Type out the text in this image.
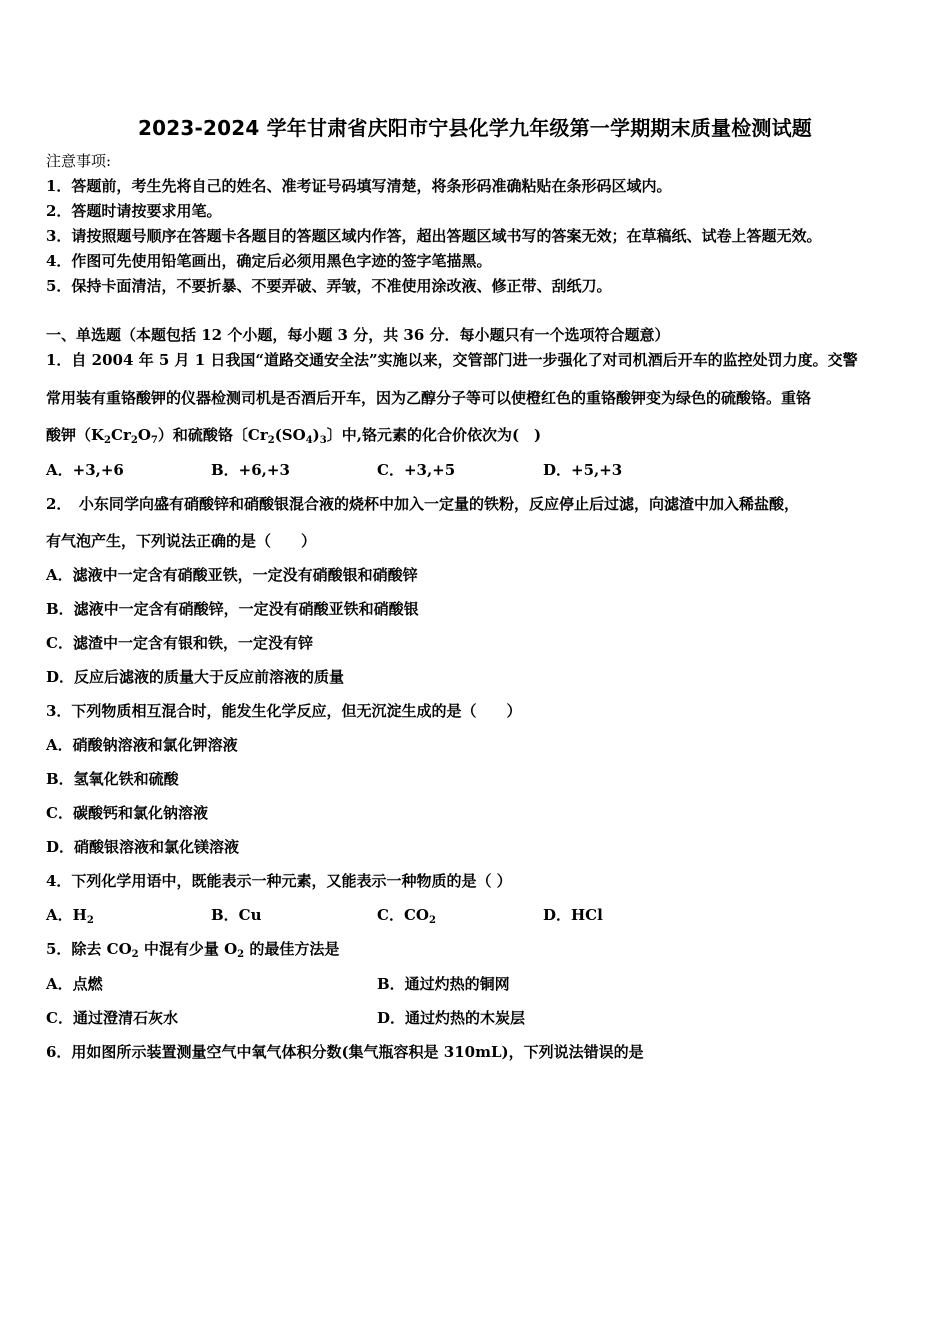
2023-2024 学年甘肃省庆阳市宁县化学九年级第一学期期末质量检测试题
注意事项:
1．答题前，考生先将自己的姓名、准考证号码填写清楚，将条形码准确粘贴在条形码区域内。
2．答题时请按要求用笔。
3．请按照题号顺序在答题卡各题目的答题区域内作答，超出答题区域书写的答案无效；在草稿纸、试卷上答题无效。
4．作图可先使用铅笔画出，确定后必须用黑色字迹的签字笔描黑。
5．保持卡面清洁，不要折暴、不要弄破、弄皱，不准使用涂改液、修正带、刮纸刀。
一、单选题（本题包括 12 个小题，每小题 3 分，共 36 分．每小题只有一个选项符合题意）
1．自 2004 年 5 月 1 日我国“道路交通安全法”实施以来，交管部门进一步强化了对司机酒后开车的监控处罚力度。交警
常用装有重铬酸钾的仪器检测司机是否酒后开车，因为乙醇分子等可以使橙红色的重铬酸钾变为绿色的硫酸铬。重铬
酸钾$(K_2Cr_2O_7)$和硫酸铬〔$Cr_2(SO_4)_3$〕中,铬元素的化合价依次为(　)
A．+3,+6	B．+6,+3	C．+3,+5	D．+5,+3
2．　小东同学向盛有硝酸锌和硝酸银混合液的烧杯中加入一定量的铁粉，反应停止后过滤，向滤渣中加入稀盐酸，
有气泡产生，下列说法正确的是（　　）
A．滤液中一定含有硝酸亚铁，一定没有硝酸银和硝酸锌
B．滤液中一定含有硝酸锌，一定没有硝酸亚铁和硝酸银
C．滤渣中一定含有银和铁，一定没有锌
D．反应后滤液的质量大于反应前溶液的质量
3．下列物质相互混合时，能发生化学反应，但无沉淀生成的是（　　）
A．硝酸钠溶液和氯化钾溶液
B．氢氧化铁和硫酸
C．碳酸钙和氯化钠溶液
D．硝酸银溶液和氯化镁溶液
4．下列化学用语中，既能表示一种元素，又能表示一种物质的是（ ）
A．$H_2$	B．Cu	C．$CO_2$	D．HCl
5．除去 $CO_2$ 中混有少量 $O_2$ 的最佳方法是
A．点燃	B．通过灼热的铜网
C．通过澄清石灰水	D．通过灼热的木炭层
6．用如图所示装置测量空气中氧气体积分数(集气瓶容积是 310mL)，下列说法错误的是
